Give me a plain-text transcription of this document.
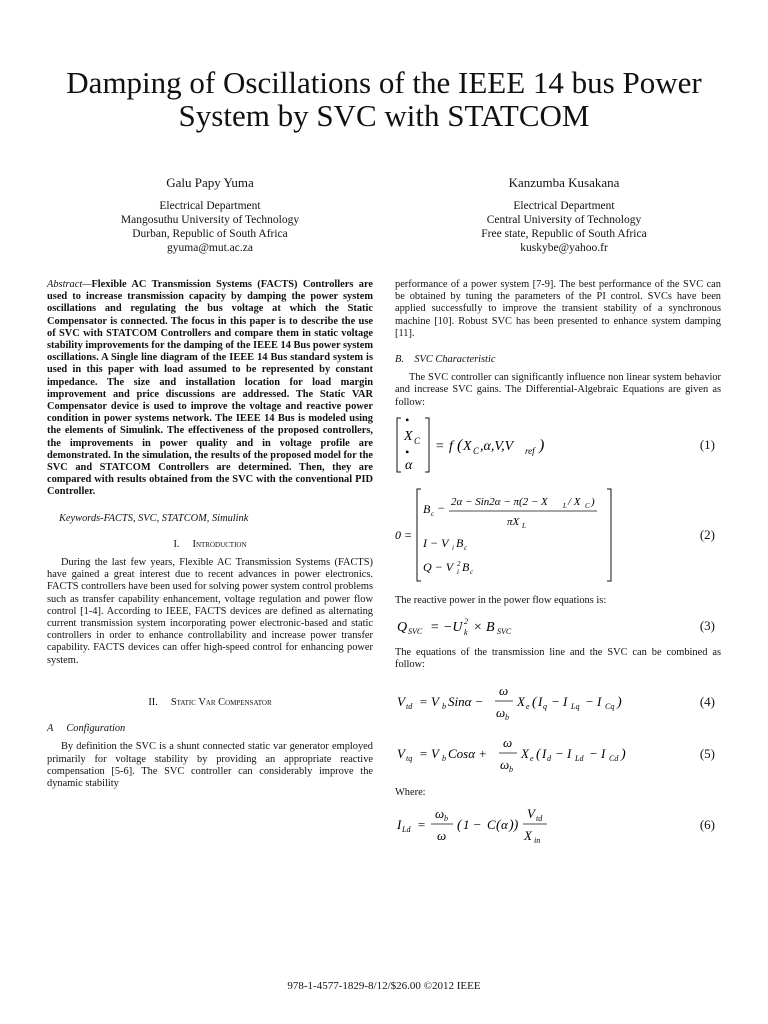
Damping of Oscillations of the IEEE 14 bus Power System by SVC with STATCOM
Galu Papy Yuma
Electrical Department
Mangosuthu University of Technology
Durban, Republic of South Africa
gyuma@mut.ac.za
Kanzumba Kusakana
Electrical Department
Central University of Technology
Free state, Republic of South Africa
kuskybe@yahoo.fr

Abstract—Flexible AC Transmission Systems (FACTS) Controllers are used to increase transmission capacity by damping the power system oscillations and regulating the bus voltage at which the Static Compensator is connected. The focus in this paper is to describe the use of SVC with STATCOM Controllers and compare them in static voltage stability improvements for the damping of the IEEE 14 Bus power system oscillations. A Single line diagram of the IEEE 14 Bus standard system is used in this paper with load assumed to be represented by constant impedance. The size and installation location for load margin improvement and price discussions are addressed. The Static VAR Compensator device is used to improve the voltage and reactive power condition in power systems network. The IEEE 14 Bus is modeled using the elements of Simulink. The effectiveness of the proposed controllers, the improvements in power quality and in voltage profile are demonstrated. In the simulation, the results of the proposed model for the SVC and STATCOM Controllers are determined. Then, they are compared with results obtained from the SVC with the conventional PID Controller.

Keywords-FACTS, SVC, STATCOM, Simulink

I. Introduction

During the last few years, Flexible AC Transmission Systems (FACTS) have gained a great interest due to recent advances in power electronics. FACTS controllers have been used for solving power system control problems such as transfer capability enhancement, voltage regulation and power flow control [1-4]. According to IEEE, FACTS devices are defined as alternating current transmission system incorporating power electronic-based and static controllers in order to enhance controllability and increase power transfer capability. FACTS devices can offer high-speed control for enhancing power system.

II. Static Var Compensator
A Configuration

By definition the SVC is a shunt connected static var generator employed primarily for voltage stability by providing an appropriate reactive compensation [5-6]. The SVC controller can considerably improve the dynamic stability

performance of a power system [7-9]. The best performance of the SVC can be obtained by tuning the parameters of the PI control. SVCs have been applied successfully to improve the transient stability of a synchronous machine [10]. Robust SVC has been presented to enhance system damping [11].

B. SVC Characteristic

The SVC controller can significantly influence non linear system behavior and increase SVC gains. The Differential-Algebraic Equations are given as follow:

•
X C
•
α
= f ( X C ,α,V,V ref )	(1)
0 =
B c − 2α − Sin2α − π(2 − X L / X C )
πX L
I − V i B c
Q − V 2
i B c
(2)

The reactive power in the power flow equations is:

Q SVC = −U 2
k × B SVC	(3)

The equations of the transmission line and the SVC can be combined as follow:

V td = V b Sinα −
ω
ω b
X e ( I q − I Lq − I Cq )	(4)
V tq = V b Cosα +
ω
ω b
X e ( I d − I Ld − I Cd )	(5)

Where:

I Ld =
ω b
ω
( 1 − C ( α ))
V td
X in
(6)
978-1-4577-1829-8/12/$26.00 ©2012 IEEE
